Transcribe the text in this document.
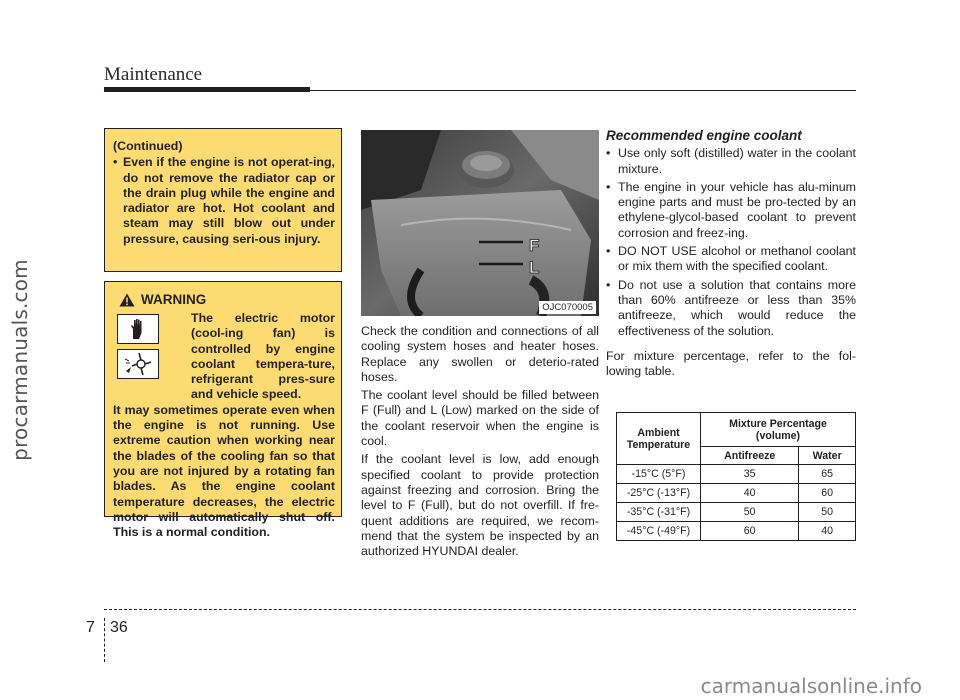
procarmanuals.com
carmanualsonline.info
Maintenance
(Continued)
• Even if the engine is not operat-ing, do not remove the radiator cap or the drain plug while the engine and radiator are hot. Hot coolant and steam may still blow out under pressure, causing seri-ous injury.
WARNING
The electric motor (cool-ing fan) is controlled by engine coolant tempera-ture, refrigerant pres-sure and vehicle speed.
It may sometimes operate even when the engine is not running. Use extreme caution when working near the blades of the cooling fan so that you are not injured by a rotating fan blades. As the engine coolant temperature decreases, the electric motor will automatically shut off. This is a normal condition.
F
L
OJC070005

Check the condition and connections of all cooling system hoses and heater hoses. Replace any swollen or deterio-rated hoses.

The coolant level should be filled between F (Full) and L (Low) marked on the side of the coolant reservoir when the engine is cool.

If the coolant level is low, add enough specified coolant to provide protection against freezing and corrosion. Bring the level to F (Full), but do not overfill. If fre-quent additions are required, we recom-mend that the system be inspected by an authorized HYUNDAI dealer.

Recommended engine coolant
• Use only soft (distilled) water in the coolant mixture.
• The engine in your vehicle has alu-minum engine parts and must be pro-tected by an ethylene-glycol-based coolant to prevent corrosion and freez-ing.
• DO NOT USE alcohol or methanol coolant or mix them with the specified coolant.
• Do not use a solution that contains more than 60% antifreeze or less than 35% antifreeze, which would reduce the effectiveness of the solution.
For mixture percentage, refer to the fol-lowing table.
Ambient
Temperature	Mixture Percentage
(volume)	
	Antifreeze	Water
-15°C (5°F)	35	65
-25°C (-13°F)	40	60
-35°C (-31°F)	50	50
-45°C (-49°F)	60	40
7 36
